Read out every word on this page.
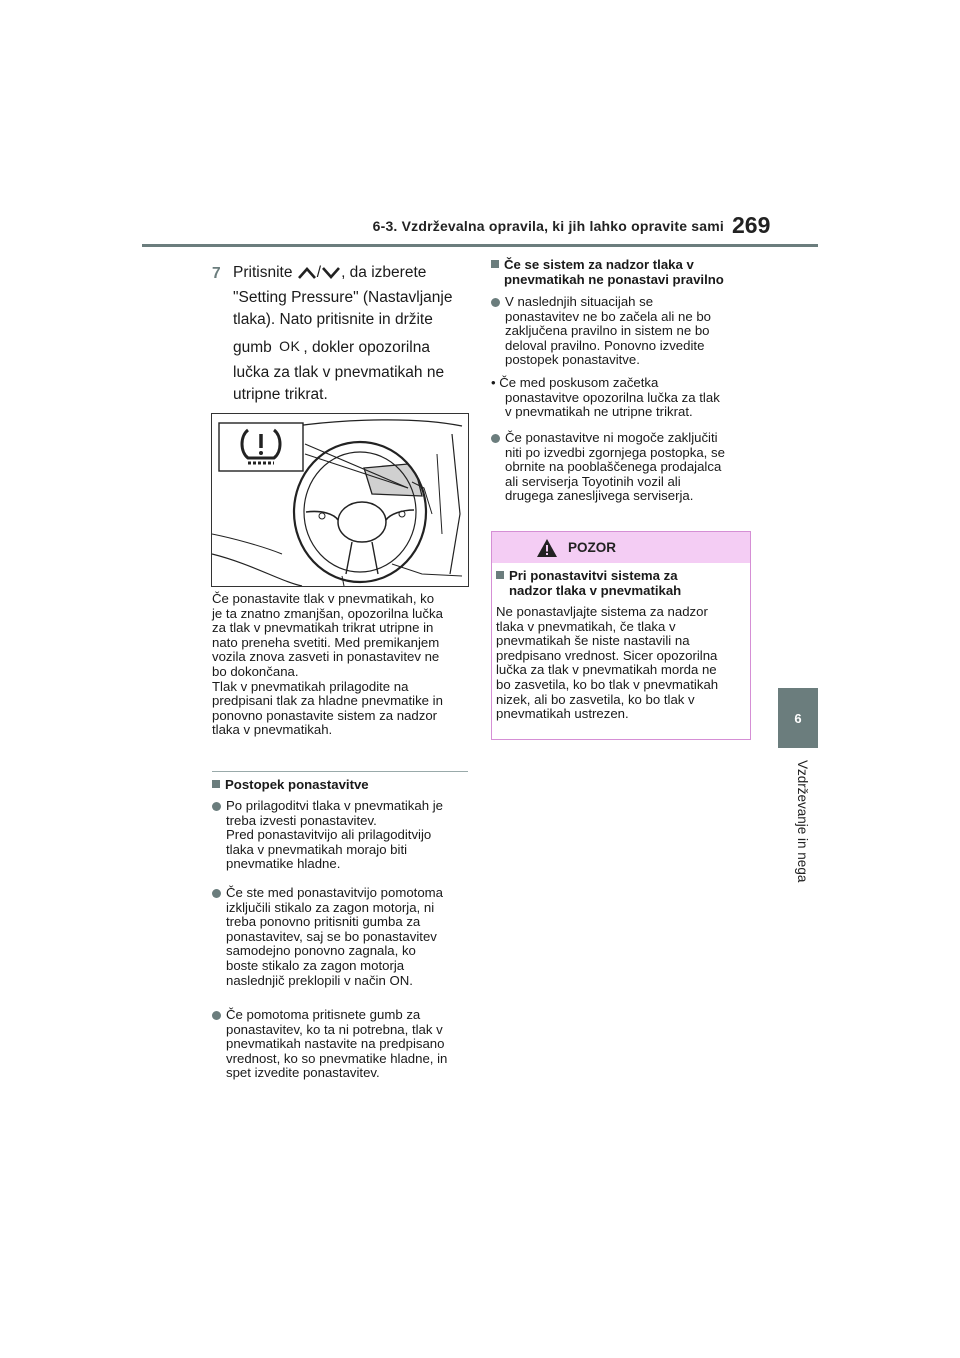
6-3. Vzdrževalna opravila, ki jih lahko opravite sami 269
6
Vzdrževanje in nega
7 Pritisnite / , da izberete
"Setting Pressure" (Nastavljanje
tlaka). Nato pritisnite in držite
gumb OK , dokler opozorilna
lučka za tlak v pnevmatikah ne
utripne trikrat.
Če ponastavite tlak v pnevmatikah, ko
je ta znatno zmanjšan, opozorilna lučka
za tlak v pnevmatikah trikrat utripne in
nato preneha svetiti. Med premikanjem
vozila znova zasveti in ponastavitev ne
bo dokončana.
Tlak v pnevmatikah prilagodite na
predpisani tlak za hladne pnevmatike in
ponovno ponastavite sistem za nadzor
tlaka v pnevmatikah.
Postopek ponastavitve
Po prilagoditvi tlaka v pnevmatikah je
treba izvesti ponastavitev.
Pred ponastavitvijo ali prilagoditvijo
tlaka v pnevmatikah morajo biti
pnevmatike hladne.
Če ste med ponastavitvijo pomotoma
izključili stikalo za zagon motorja, ni
treba ponovno pritisniti gumba za
ponastavitev, saj se bo ponastavitev
samodejno ponovno zagnala, ko
boste stikalo za zagon motorja
naslednjič preklopili v način ON.
Če pomotoma pritisnete gumb za
ponastavitev, ko ta ni potrebna, tlak v
pnevmatikah nastavite na predpisano
vrednost, ko so pnevmatike hladne, in
spet izvedite ponastavitev.
Če se sistem za nadzor tlaka v
pnevmatikah ne ponastavi pravilno
V naslednjih situacijah se
ponastavitev ne bo začela ali ne bo
zaključena pravilno in sistem ne bo
deloval pravilno. Ponovno izvedite
postopek ponastavitve.
• Če med poskusom začetka
ponastavitve opozorilna lučka za tlak
v pnevmatikah ne utripne trikrat.
Če ponastavitve ni mogoče zaključiti
niti po izvedbi zgornjega postopka, se
obrnite na pooblaščenega prodajalca
ali serviserja Toyotinih vozil ali
drugega zanesljivega serviserja.
POZOR
Pri ponastavitvi sistema za
nadzor tlaka v pnevmatikah
Ne ponastavljajte sistema za nadzor
tlaka v pnevmatikah, če tlaka v
pnevmatikah še niste nastavili na
predpisano vrednost. Sicer opozorilna
lučka za tlak v pnevmatikah morda ne
bo zasvetila, ko bo tlak v pnevmatikah
nizek, ali bo zasvetila, ko bo tlak v
pnevmatikah ustrezen.
